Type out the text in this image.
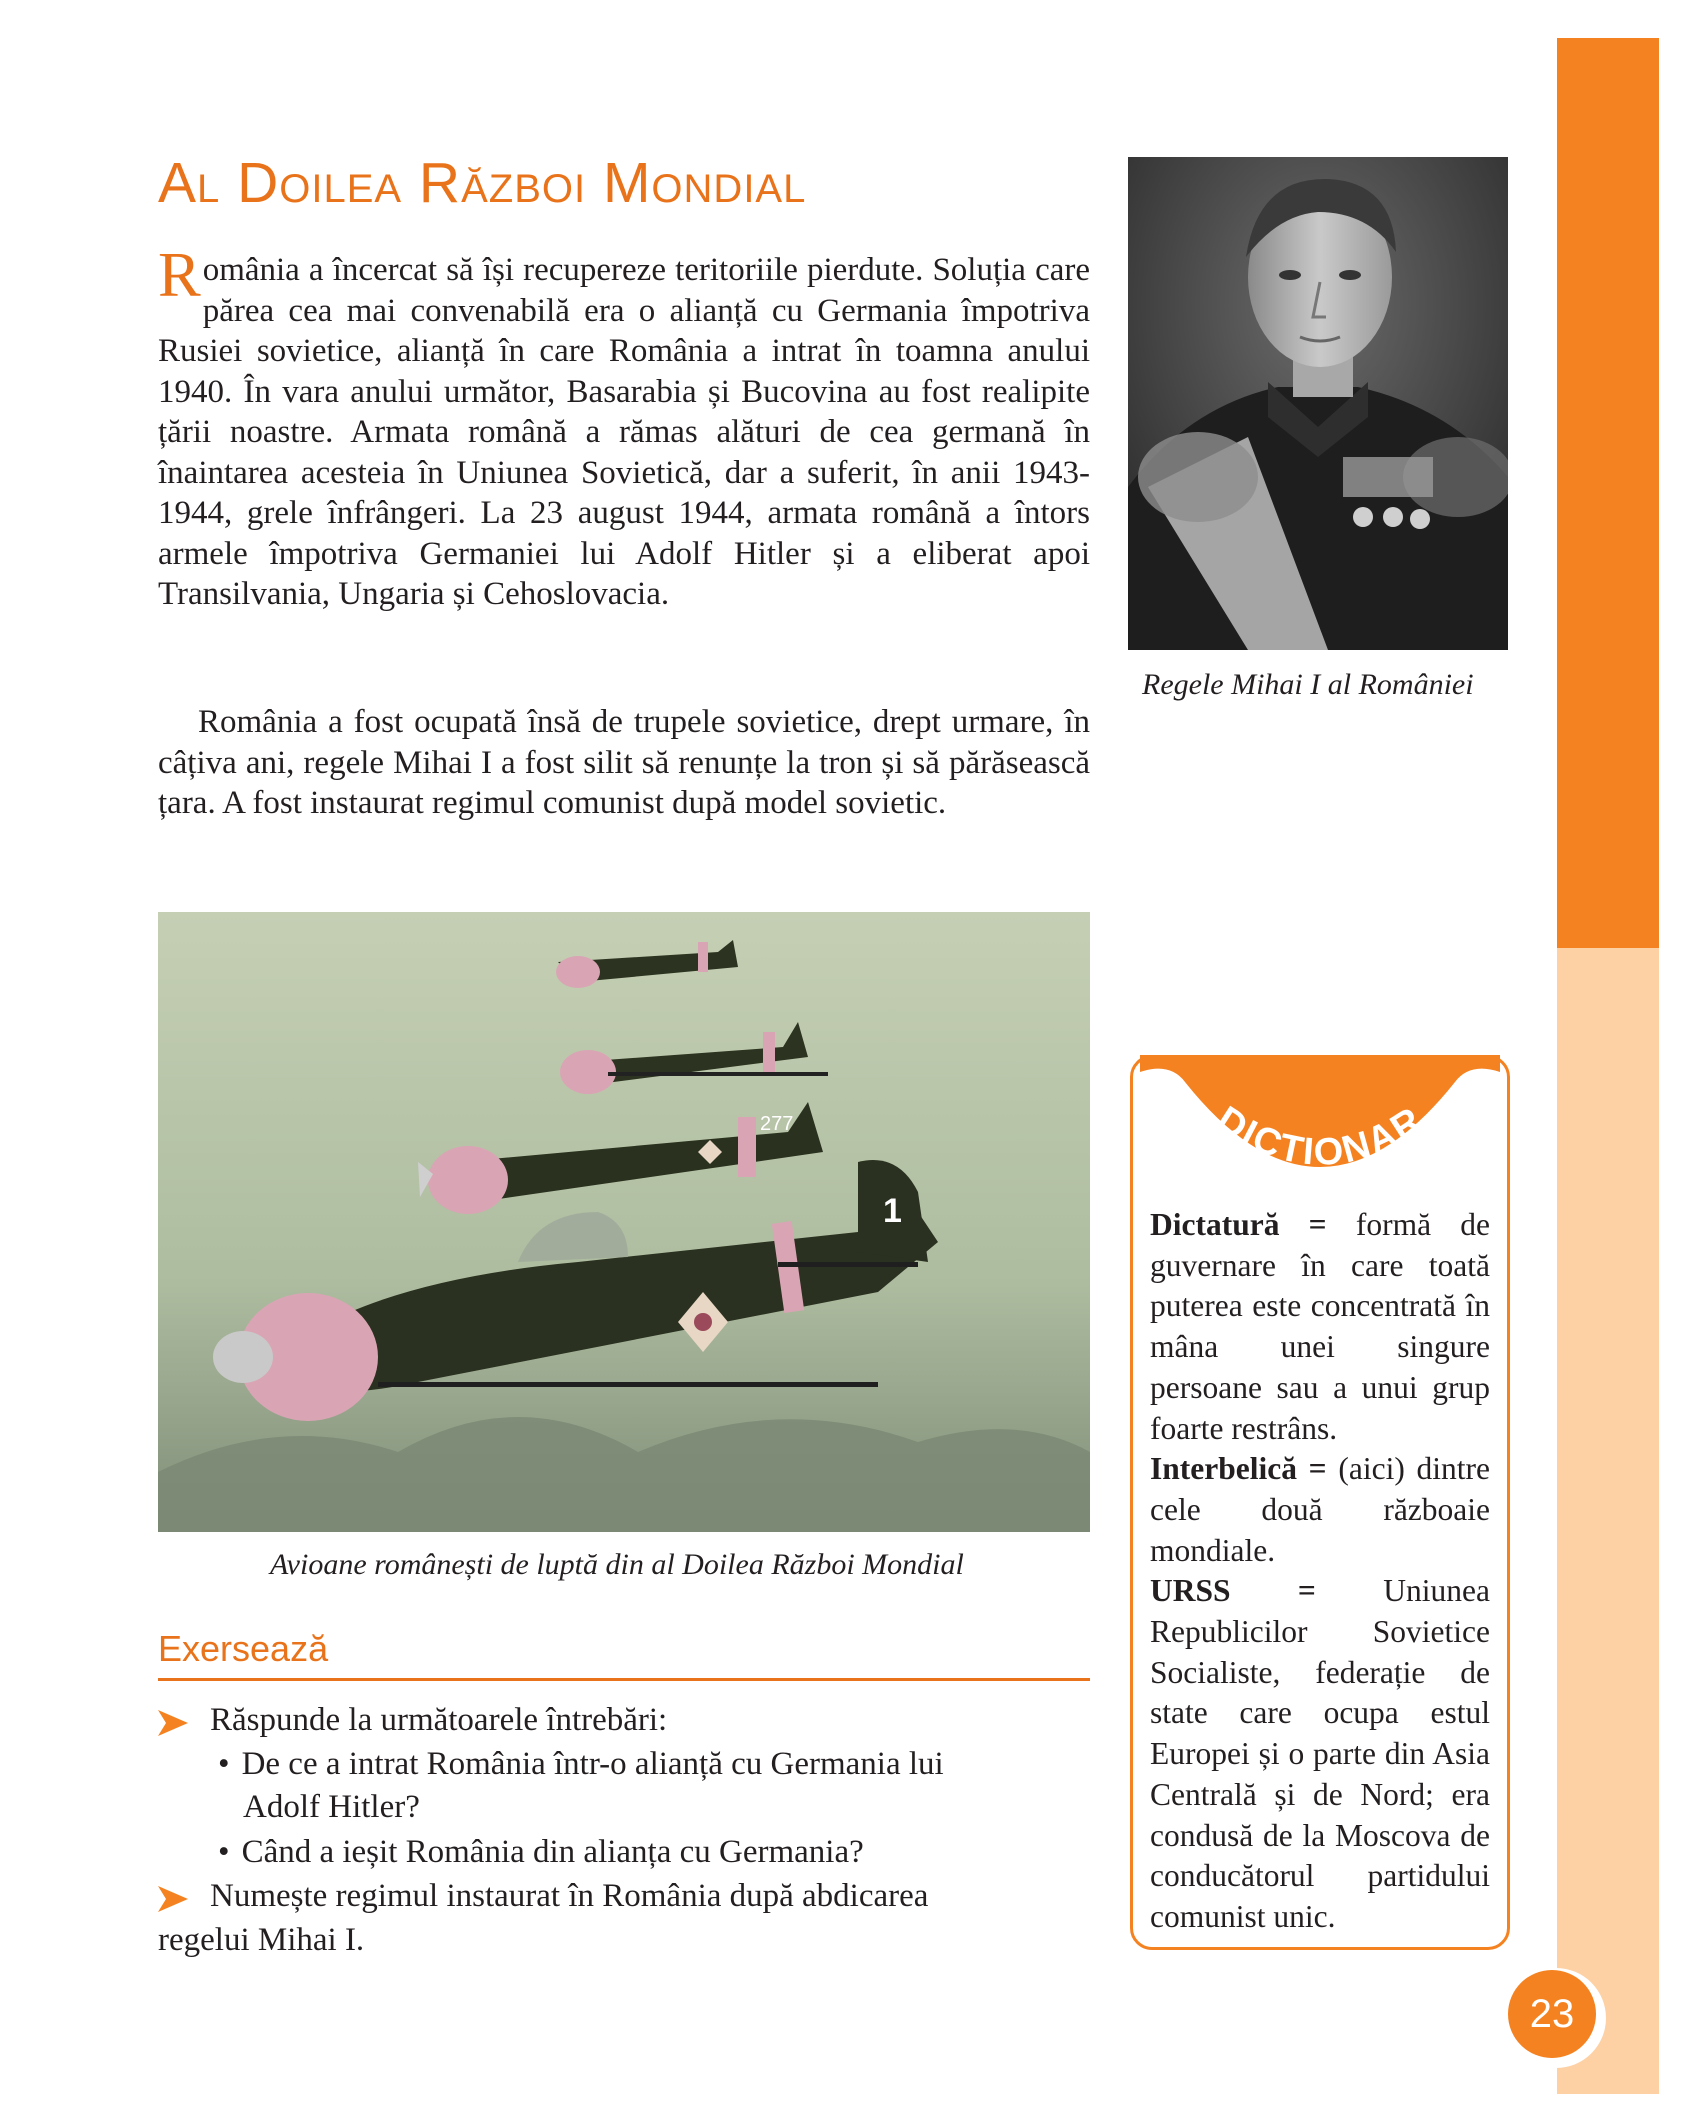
Al Doilea Război Mondial

România a încercat să își recupereze teritoriile pierdute. Soluția care părea cea mai convenabilă era o alianță cu Germania împotriva Rusiei sovietice, alianță în care România a intrat în toamna anului 1940. În vara anului următor, Basarabia și Bucovina au fost realipite țării noastre. Armata română a rămas alături de cea germană în înaintarea acesteia în Uniunea Sovietică, dar a suferit, în anii 1943-1944, grele înfrângeri. La 23 august 1944, armata română a întors armele împotriva Germaniei lui Adolf Hitler și a eliberat apoi Transilvania, Ungaria și Cehoslovacia.

România a fost ocupată însă de trupele sovietice, drept urmare, în câțiva ani, regele Mihai I a fost silit să renunțe la tron și să părăsească țara. A fost instaurat regimul comunist după model sovietic.

Regele Mihai I al României

277
1

Avioane românești de luptă din al Doilea Război Mondial

Exersează

Răspunde la următoarele întrebări:

• De ce a intrat România într-o alianță cu Germania lui

Adolf Hitler?

• Când a ieșit România din alianța cu Germania?

Numește regimul instaurat în România după abdicarea

regelui Mihai I.

DICȚIONAR

Dictatură = formă de guvernare în care toată puterea este concentrată în mâna unei singure persoane sau a unui grup foarte restrâns.
Interbelică = (aici) dintre cele două războaie mondiale.
URSS = Uniunea Republicilor Sovietice Socialiste, federație de state care ocupa estul Europei și o parte din Asia Centrală și de Nord; era condusă de la Moscova de conducătorul partidului comunist unic.

23
